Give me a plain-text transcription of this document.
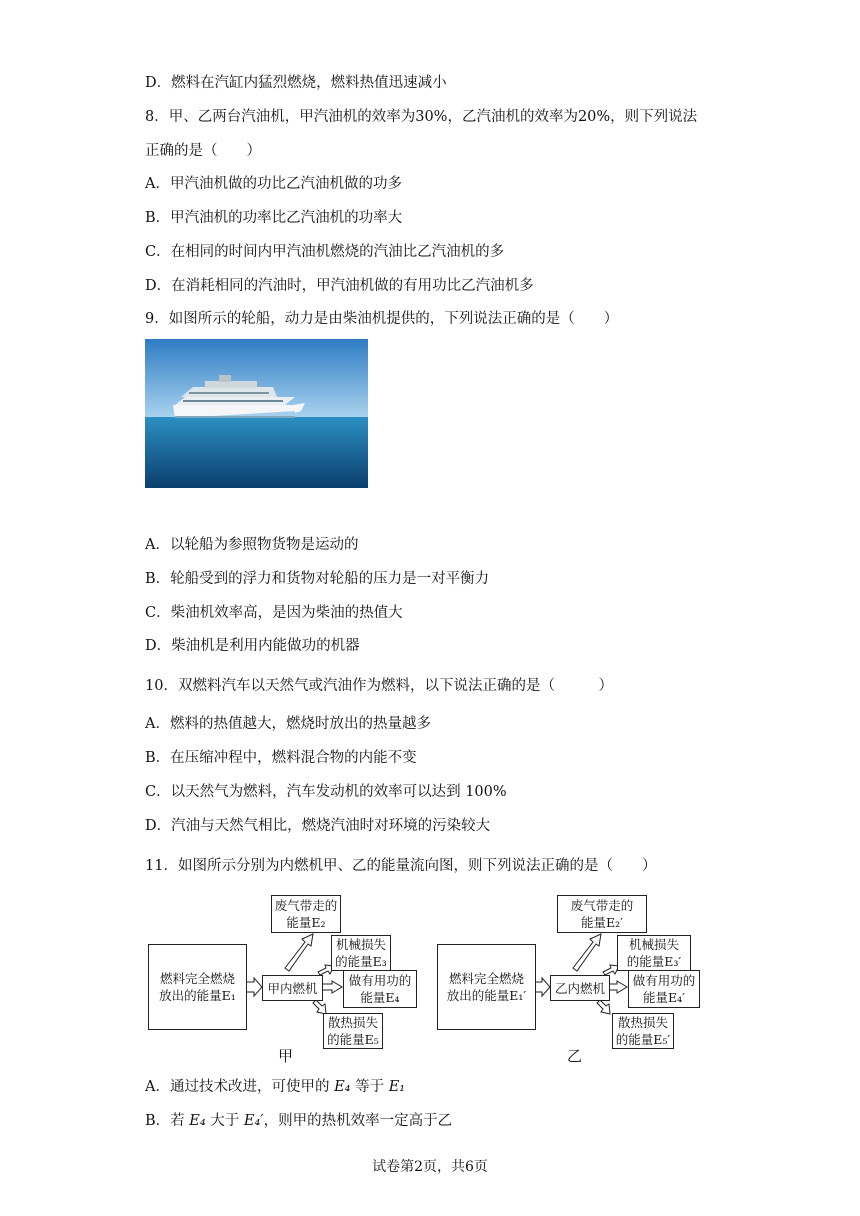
D．燃料在汽缸内猛烈燃烧，燃料热值迅速减小
8．甲、乙两台汽油机，甲汽油机的效率为30%，乙汽油机的效率为20%，则下列说法
正确的是（　　）
A．甲汽油机做的功比乙汽油机做的功多
B．甲汽油机的功率比乙汽油机的功率大
C．在相同的时间内甲汽油机燃烧的汽油比乙汽油机的多
D．在消耗相同的汽油时，甲汽油机做的有用功比乙汽油机多
9．如图所示的轮船，动力是由柴油机提供的，下列说法正确的是（　　）
A．以轮船为参照物货物是运动的
B．轮船受到的浮力和货物对轮船的压力是一对平衡力
C．柴油机效率高，是因为柴油的热值大
D．柴油机是利用内能做功的机器
10．双燃料汽车以天然气或汽油作为燃料，以下说法正确的是（　　　）
A．燃料的热值越大，燃烧时放出的热量越多
B．在压缩冲程中，燃料混合物的内能不变
C．以天然气为燃料，汽车发动机的效率可以达到 100%
D．汽油与天然气相比，燃烧汽油时对环境的污染较大
11．如图所示分别为内燃机甲、乙的能量流向图，则下列说法正确的是（　　）
燃料完全燃烧
放出的能量E₁	甲内燃机
废气带走的
能量E₂
机械损失
的能量E₃
做有用功的
能量E₄
散热损失
的能量E₅
甲
燃料完全燃烧
放出的能量E₁′ 乙内燃机
废气带走的
能量E₂′
机械损失
的能量E₃′
做有用功的
能量E₄′
散热损失
的能量E₅′
乙
A．通过技术改进，可使甲的 E₄ 等于 E₁
B．若 E₄ 大于 E₄′，则甲的热机效率一定高于乙
试卷第2页，共6页
